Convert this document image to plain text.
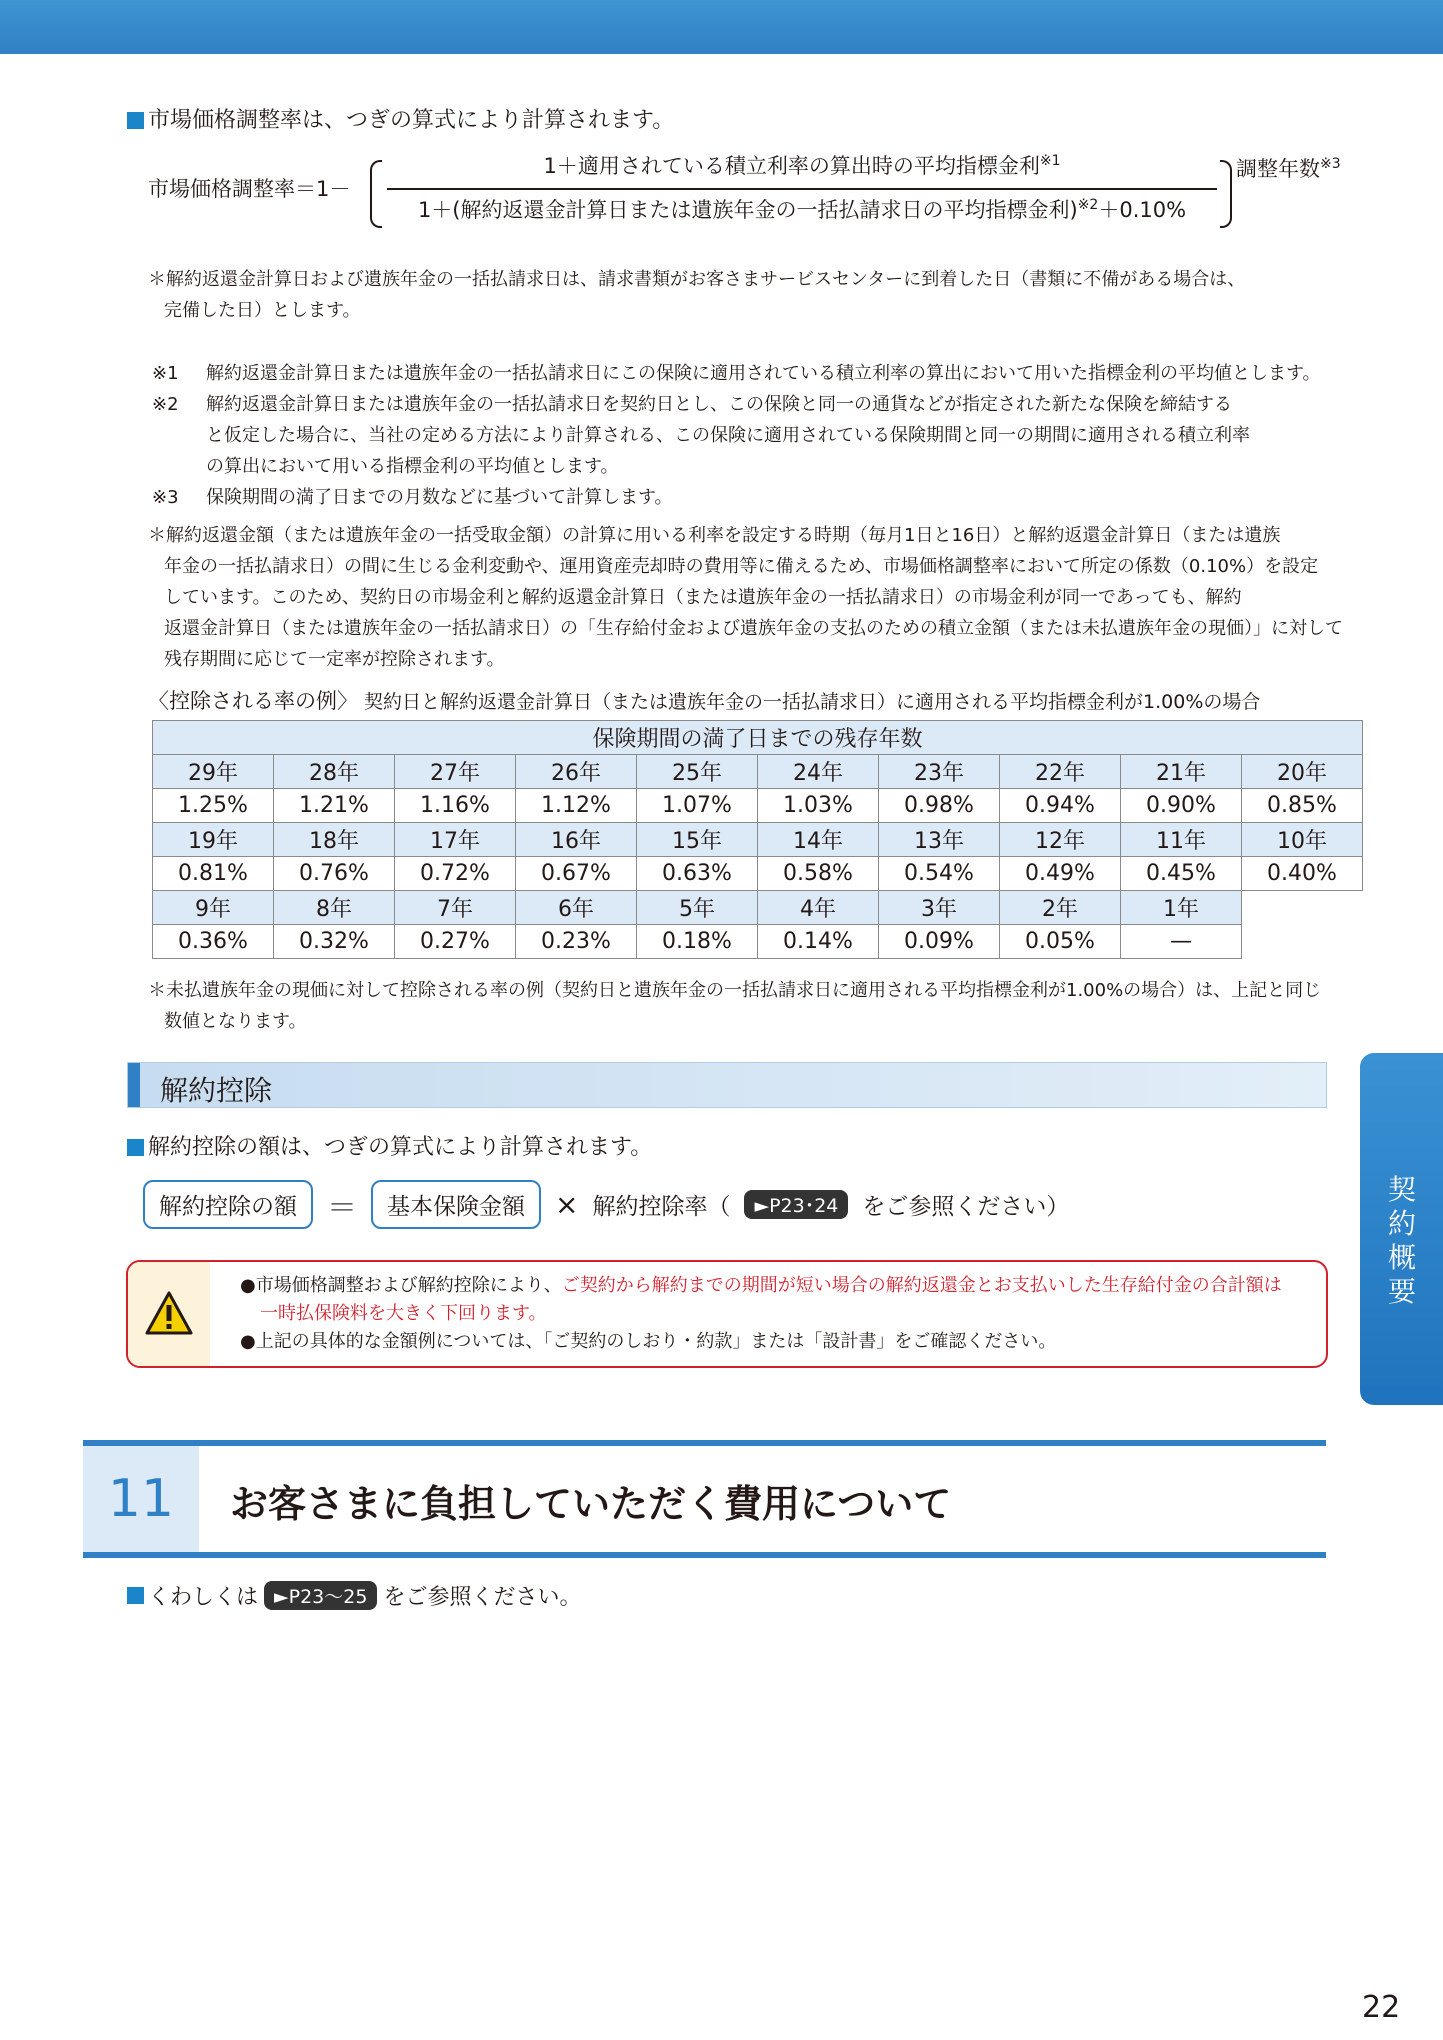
市場価格調整率は、つぎの算式により計算されます。
市場価格調整率＝1－
1＋適用されている積立利率の算出時の平均指標金利$^{※1}$
1＋(解約返還金計算日または遺族年金の一括払請求日の平均指標金利)$^{※2}$＋0.10%
調整年数$^{※3}$
＊解約返還金計算日および遺族年金の一括払請求日は、請求書類がお客さまサービスセンターに到着した日（書類に不備がある場合は、
完備した日）とします。
※1	解約返還金計算日または遺族年金の一括払請求日にこの保険に適用されている積立利率の算出において用いた指標金利の平均値とします。
※2	解約返還金計算日または遺族年金の一括払請求日を契約日とし、この保険と同一の通貨などが指定された新たな保険を締結する
と仮定した場合に、当社の定める方法により計算される、この保険に適用されている保険期間と同一の期間に適用される積立利率
の算出において用いる指標金利の平均値とします。
※3	保険期間の満了日までの月数などに基づいて計算します。
＊解約返還金額（または遺族年金の一括受取金額）の計算に用いる利率を設定する時期（毎月1日と16日）と解約返還金計算日（または遺族
年金の一括払請求日）の間に生じる金利変動や、運用資産売却時の費用等に備えるため、市場価格調整率において所定の係数（0.10%）を設定
しています。このため、契約日の市場金利と解約返還金計算日（または遺族年金の一括払請求日）の市場金利が同一であっても、解約
返還金計算日（または遺族年金の一括払請求日）の「生存給付金および遺族年金の支払のための積立金額（または未払遺族年金の現価）」に対して
残存期間に応じて一定率が控除されます。
〈控除される率の例〉 契約日と解約返還金計算日（または遺族年金の一括払請求日）に適用される平均指標金利が1.00%の場合
保険期間の満了日までの残存年数									
29年	28年	27年	26年	25年	24年	23年	22年	21年	20年
1.25%	1.21%	1.16%	1.12%	1.07%	1.03%	0.98%	0.94%	0.90%	0.85%
19年	18年	17年	16年	15年	14年	13年	12年	11年	10年
0.81%	0.76%	0.72%	0.67%	0.63%	0.58%	0.54%	0.49%	0.45%	0.40%
9年	8年	7年	6年	5年	4年	3年	2年	1年	
0.36%	0.32%	0.27%	0.23%	0.18%	0.14%	0.09%	0.05%	—	
＊未払遺族年金の現価に対して控除される率の例（契約日と遺族年金の一括払請求日に適用される平均指標金利が1.00%の場合）は、上記と同じ
数値となります。
解約控除
解約控除の額は、つぎの算式により計算されます。
解約控除の額	＝	基本保険金額	× 解約控除率（	►P23･24	をご参照ください）
●市場価格調整および解約控除により、ご契約から解約までの期間が短い場合の解約返還金とお支払いした生存給付金の合計額は
一時払保険料を大きく下回ります。
●上記の具体的な金額例については、「ご契約のしおり・約款」または「設計書」をご確認ください。
契約概要
11	お客さまに負担していただく費用について
くわしくは ►P23〜25 をご参照ください。
22
